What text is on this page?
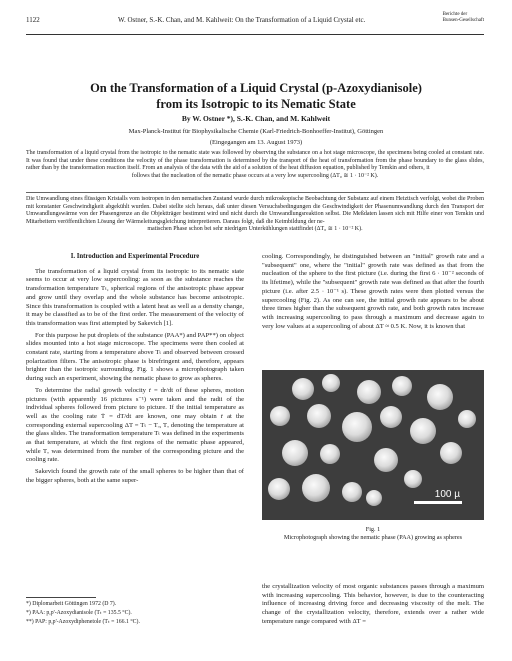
1122	W. Ostner, S.-K. Chan, and M. Kahlweit: On the Transformation of a Liquid Crystal etc.
Berichte der
Bunsen-Gesellschaft
On the Transformation of a Liquid Crystal (p-Azoxydianisole)
from its Isotropic to its Nematic State
By W. Ostner *), S.-K. Chan, and M. Kahlweit
Max-Planck-Institut für Biophysikalische Chemie (Karl-Friedrich-Bonhoeffer-Institut), Göttingen
(Eingegangen am 13. August 1973)
The transformation of a liquid crystal from the isotropic to the nematic state was followed by observing the substance on a hot stage microscope, the specimens being cooled at constant rate. It was found that under these conditions the velocity of the phase transformation is determined by the transport of the heat of transformation from the phase boundary to the glass slides, rather than by the transformation reaction itself. From an analysis of the data with the aid of a solution of the heat diffusion equation, published by Temkin and others, it
follows that the nucleation of the nematic phase occurs at a very low supercooling (ΔT₀ ≅ 1 · 10⁻² K).
Die Umwandlung eines flüssigen Kristalls vom isotropen in den nematischen Zustand wurde durch mikroskopische Beobachtung der Substanz auf einem Heiztisch verfolgt, wobei die Proben mit konstanter Geschwindigkeit abgekühlt wurden. Dabei stellte sich heraus, daß unter diesen Versuchsbedingungen die Geschwindigkeit der Phasenumwandlung durch den Transport der Umwandlungswärme von der Phasengrenze an die Objektträger bestimmt wird und nicht durch die Umwandlungsreaktion selbst. Die Meßdaten lassen sich mit Hilfe einer von Temkin und Mitarbeitern veröffentlichten Lösung der Wärmeleitungsgleichung interpretieren. Daraus folgt, daß die Keimbildung der ne-
matischen Phase schon bei sehr niedrigen Unterkühlungen stattfindet (ΔT₀ ≅ 1 · 10⁻² K).
I. Introduction and Experimental Procedure

The transformation of a liquid crystal from its isotropic to its nematic state seems to occur at very low supercooling: as soon as the substance reaches the transformation temperature Tₜ, spherical regions of the anisotropic phase appear and grow until they overlap and the whole substance has become anisotropic. Since this transformation is coupled with a latent heat as well as a density change, it may be classified as to be of the first order. The measurement of the velocity of this transformation was first attempted by Sakevich [1].

For this purpose he put droplets of the substance (PAA*) and PAP**) on object slides mounted into a hot stage microscope. The specimens were then cooled at constant rate, starting from a temperature above Tₜ and observed between crossed polarization filters. The anisotropic phase is birefringent and, therefore, appears brighter than the isotropic surrounding. Fig. 1 shows a microphotograph taken during such an experiment, showing the nematic phase to grow as spheres.

To determine the radial growth velocity ṙ = dr/dt of these spheres, motion pictures (with apparently 16 pictures s⁻¹) were taken and the radii of the individual spheres followed from picture to picture. If the initial temperature as well as the cooling rate Ṫ = dT/dt are known, one may obtain ṙ at the corresponding external supercooling ΔT = Tₜ − Tₒ, Tₒ denoting the temperature at the glass slides. The transformation temperature Tₜ was defined in the experiments as that temperature, at which the first regions of the nematic phase appeared, while Tₒ was determined from the number of the corresponding picture and the cooling rate.

Sakevich found the growth rate of the small spheres to be higher than that of the bigger spheres, both at the same super-

cooling. Correspondingly, he distinguished between an "initial" growth rate and a "subsequent" one, where the "initial" growth rate was defined as that from the nucleation of the sphere to the first picture (i.e. during the first 6 · 10⁻² seconds of its lifetime), while the "subsequent" growth rate was defined as that after the fourth picture (i.e. after 2.5 · 10⁻¹ s). These growth rates were then plotted versus the supercooling (Fig. 2). As one can see, the initial growth rate appears to be about three times higher than the subsequent growth rate, and both growth rates increase with increasing supercooling to pass through a maximum and decrease again to very low values at a supercooling of about ΔT ≈ 0.5 K. Now, it is known that

100 µ
Fig. 1
Microphotograph showing the nematic phase (PAA) growing as spheres

the crystallization velocity of most organic substances passes through a maximum with increasing supercooling. This behavior, however, is due to the counteracting influence of increasing driving force and decreasing viscosity of the melt. The change of the crystallization velocity, therefore, extends over a rather wide temperature range compared with ΔT =

*) Diplomarbeit Göttingen 1972 (D 7).
*) PAA: p,p'-Azoxydianisole (Tₜ = 135.5 °C).
**) PAP: p,p'-Azoxydiphenetole (Tₜ = 166.1 °C).
